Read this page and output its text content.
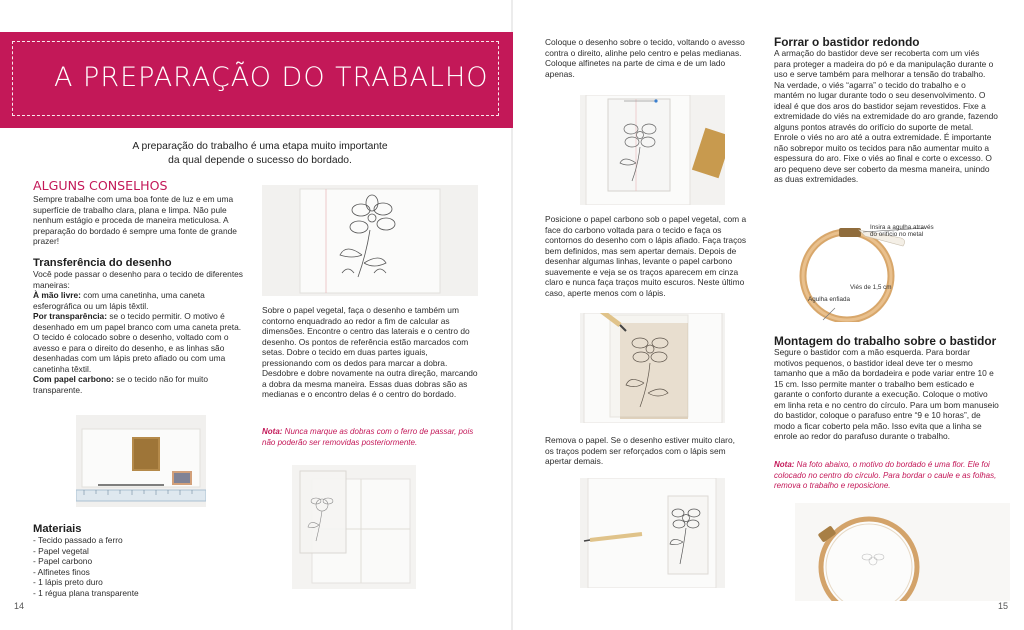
A PREPARAÇÃO DO TRABALHO
A preparação do trabalho é uma etapa muito importante da qual depende o sucesso do bordado.
ALGUNS CONSELHOS
Sempre trabalhe com uma boa fonte de luz e em uma superfície de trabalho clara, plana e limpa. Não pule nenhum estágio e proceda de maneira meticulosa. A preparação do bordado é sempre uma fonte de grande prazer!
Transferência do desenho
Você pode passar o desenho para o tecido de diferentes maneiras:
À mão livre: com uma canetinha, uma caneta esferográfica ou um lápis têxtil.
Por transparência: se o tecido permitir. O motivo é desenhado em um papel branco com uma caneta preta. O tecido é colocado sobre o desenho, voltado com o avesso e para o direito do desenho, e as linhas são desenhadas com um lápis preto afiado ou com uma canetinha têxtil.
Com papel carbono: se o tecido não for muito transparente.
Sobre o papel vegetal, faça o desenho e também um contorno enquadrado ao redor a fim de calcular as dimensões. Encontre o centro das laterais e o centro do desenho. Os pontos de referência estão marcados com setas. Dobre o tecido em duas partes iguais, pressionando com os dedos para marcar a dobra. Desdobre e dobre novamente na outra direção, marcando a dobra da mesma maneira. Essas duas dobras são as medianas e o encontro delas é o centro do bordado.
Nota: Nunca marque as dobras com o ferro de passar, pois não poderão ser removidas posteriormente.
Materiais
- Tecido passado a ferro
- Papel vegetal
- Papel carbono
- Alfinetes finos
- 1 lápis preto duro
- 1 régua plana transparente
14
Coloque o desenho sobre o tecido, voltando o avesso contra o direito, alinhe pelo centro e pelas medianas. Coloque alfinetes na parte de cima e de um lado apenas.
Posicione o papel carbono sob o papel vegetal, com a face do carbono voltada para o tecido e faça os contornos do desenho com o lápis afiado. Faça traços bem definidos, mas sem apertar demais. Depois de desenhar algumas linhas, levante o papel carbono suavemente e veja se os traços aparecem em cinza claro e nunca faça traços muito escuros. Neste último caso, aperte menos com o lápis.
Remova o papel. Se o desenho estiver muito claro, os traços podem ser reforçados com o lápis sem apertar demais.
Forrar o bastidor redondo
A armação do bastidor deve ser recoberta com um viés para proteger a madeira do pó e da manipulação durante o uso e serve também para melhorar a tensão do trabalho. Na verdade, o viés “agarra” o tecido do trabalho e o mantém no lugar durante todo o seu desenvolvimento. O ideal é que dos aros do bastidor sejam revestidos. Fixe a extremidade do viés na extremidade do aro grande, fazendo alguns pontos através do orifício do suporte de metal. Enrole o viés no aro até a outra extremidade. É importante não sobrepor muito os tecidos para não aumentar muito a espessura do aro. Fixe o viés ao final e corte o excesso. O aro pequeno deve ser coberto da mesma maneira, unindo as duas extremidades.
Insira a agulha através do orifício no metal
Viés de 1,5 cm
Agulha enfiada
Montagem do trabalho sobre o bastidor
Segure o bastidor com a mão esquerda. Para bordar motivos pequenos, o bastidor ideal deve ter o mesmo tamanho que a mão da bordadeira e pode variar entre 10 e 15 cm. Isso permite manter o trabalho bem esticado e garante o conforto durante a execução. Coloque o motivo em linha reta e no centro do círculo. Para um bom manuseio do bastidor, coloque o parafuso entre “9 e 10 horas”, de modo a ficar coberto pela mão. Isso evita que a linha se enrole ao redor do parafuso durante o trabalho.
Nota: Na foto abaixo, o motivo do bordado é uma flor. Ele foi colocado no centro do círculo. Para bordar o caule e as folhas, remova o trabalho e reposicione.
15
